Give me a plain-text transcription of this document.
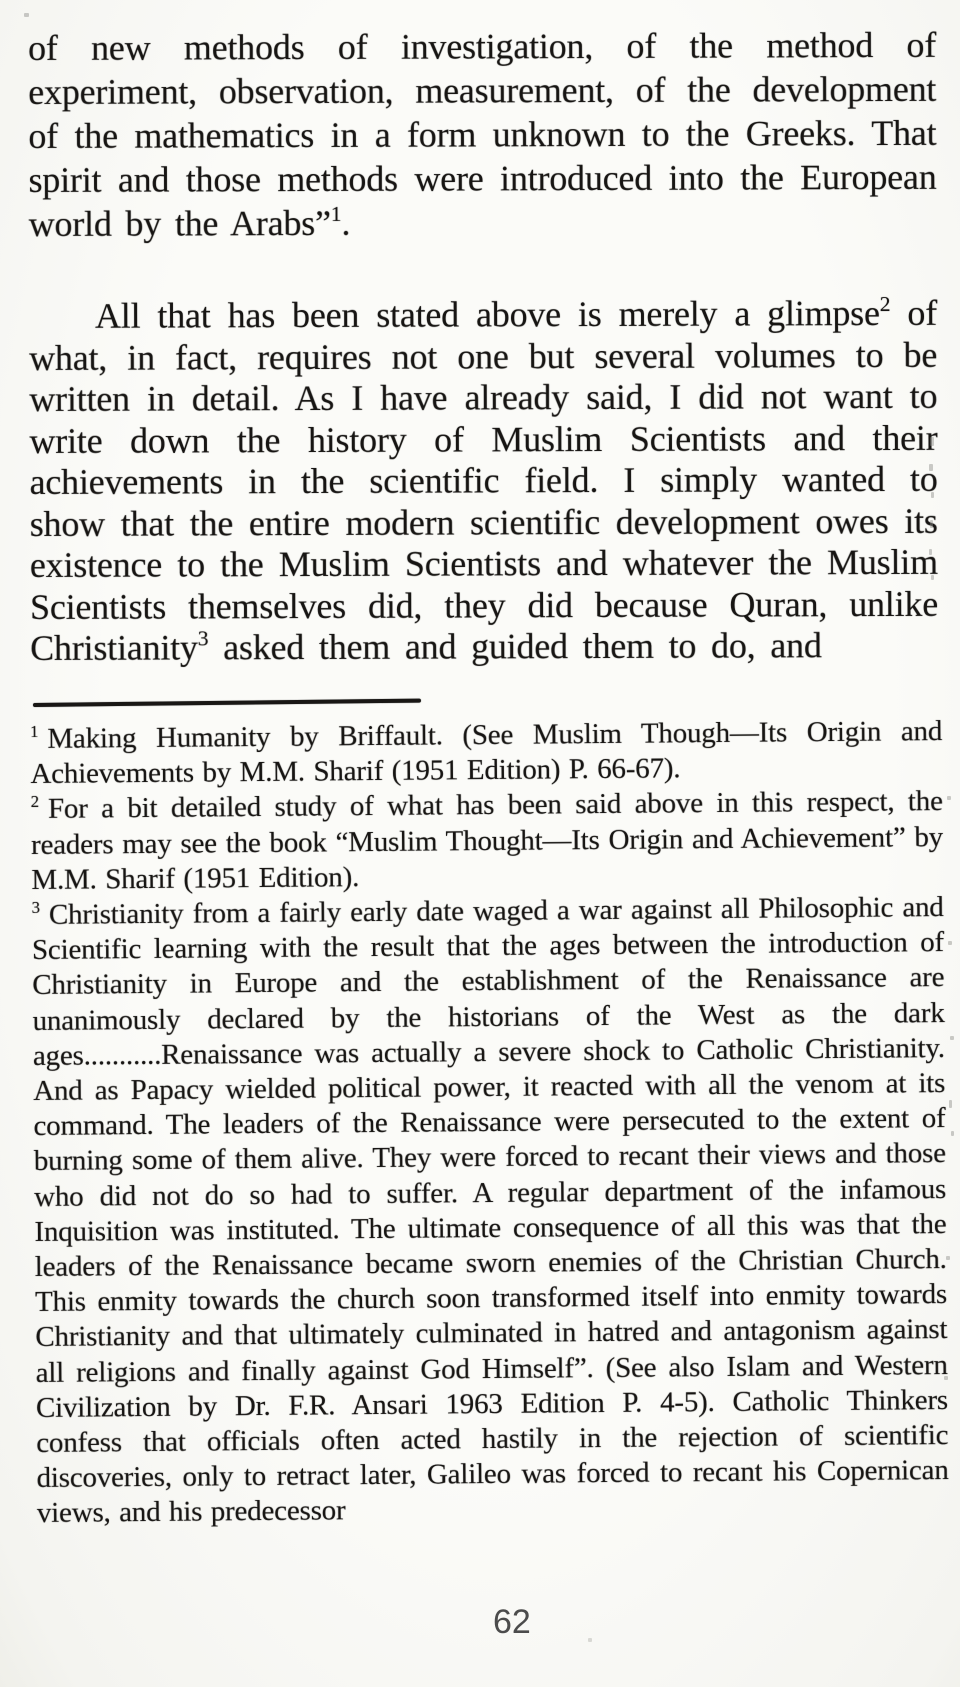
of new methods of investigation, of the method of experiment, observation, measurement, of the development of the mathematics in a form unknown to the Greeks. That spirit and those methods were introduced into the European world by the Arabs”$^1$.

All that has been stated above is merely a glimpse$^2$ of what, in fact, requires not one but several volumes to be written in detail. As I have already said, I did not want to write down the history of Muslim Scientists and their achievements in the scientific field. I simply wanted to show that the entire modern scientific development owes its existence to the Muslim Scientists and whatever the Muslim Scientists themselves did, they did because Quran, unlike Christianity$^3$ asked them and guided them to do, and

$^1$ Making Humanity by Briffault. (See Muslim Though—Its Origin and Achievements by M.M. Sharif (1951 Edition) P. 66-67).

$^2$ For a bit detailed study of what has been said above in this respect, the readers may see the book “Muslim Thought—Its Origin and Achievement” by M.M. Sharif (1951 Edition).

$^3$ Christianity from a fairly early date waged a war against all Philosophic and Scientific learning with the result that the ages between the introduction of Christianity in Europe and the establishment of the Renaissance are unanimously declared by the historians of the West as the dark ages...........Renaissance was actually a severe shock to Catholic Christianity. And as Papacy wielded political power, it reacted with all the venom at its command. The leaders of the Renaissance were persecuted to the extent of burning some of them alive. They were forced to recant their views and those who did not do so had to suffer. A regular department of the infamous Inquisition was instituted. The ultimate consequence of all this was that the leaders of the Renaissance became sworn enemies of the Christian Church. This enmity towards the church soon transformed itself into enmity towards Christianity and that ultimately culminated in hatred and antagonism against all religions and finally against God Himself”. (See also Islam and Western Civilization by Dr. F.R. Ansari 1963 Edition P. 4-5). Catholic Thinkers confess that officials often acted hastily in the rejection of scientific discoveries, only to retract later, Galileo was forced to recant his Copernican views, and his predecessor

62
